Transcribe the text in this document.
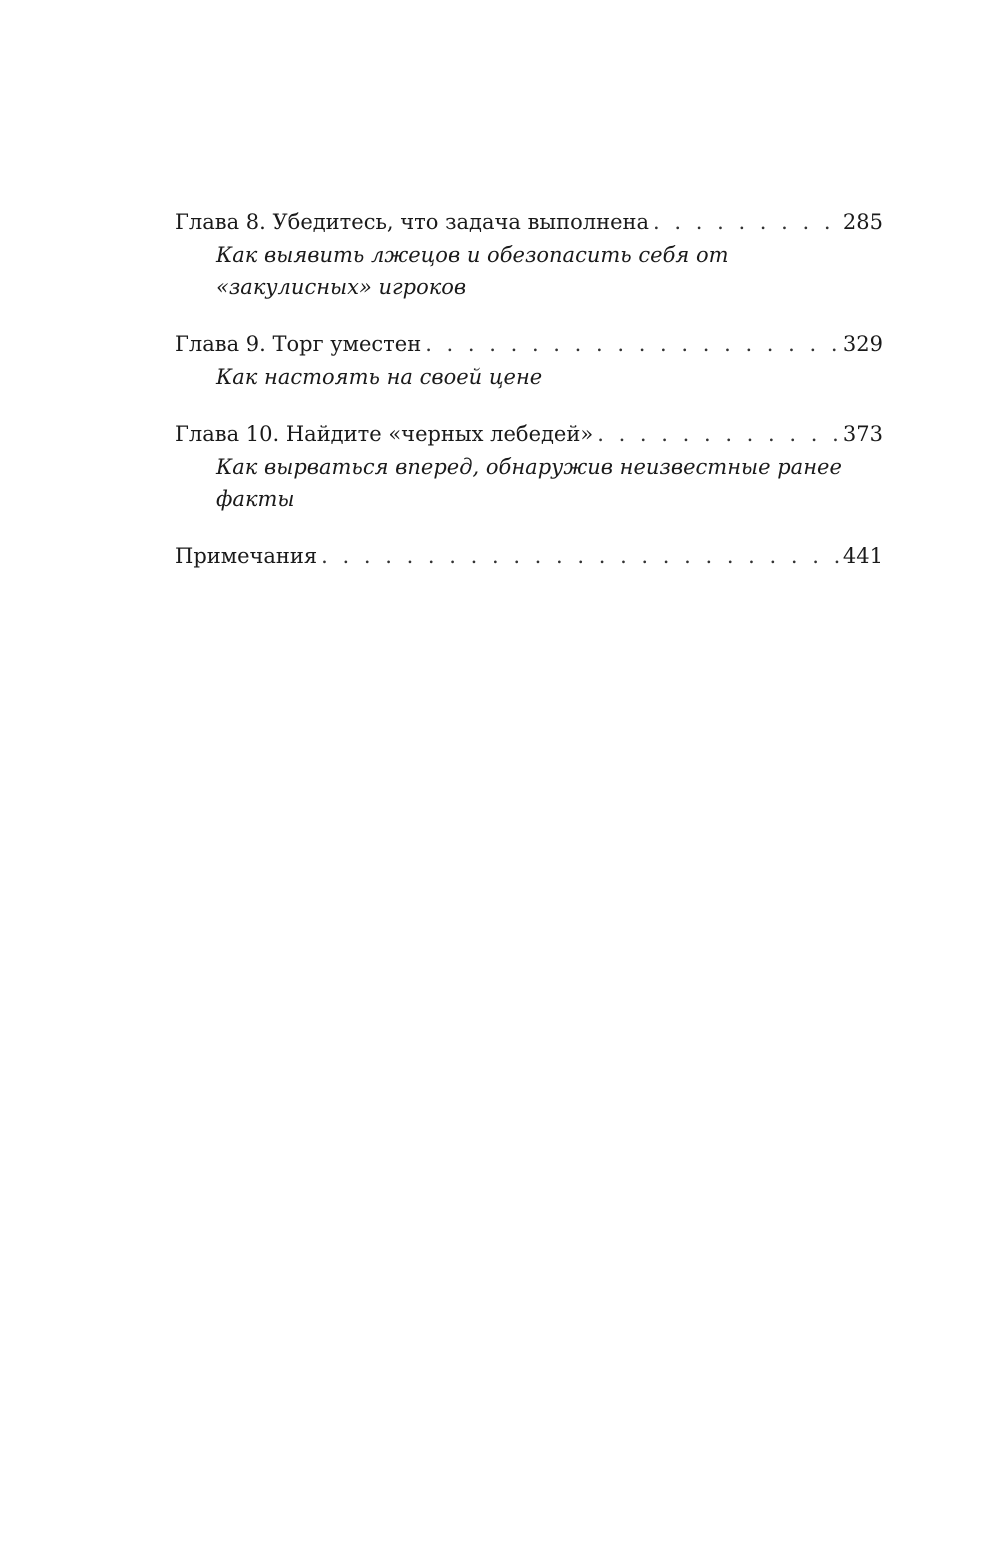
Глава 8. Убедитесь, что задача выполнена . . .	285
Как выявить лжецов и обезопасить себя от «закулисных» игроков
Глава 9. Торг уместен . . .	329
Как настоять на своей цене
Глава 10. Найдите «черных лебедей» . . .	373
Как вырваться вперед, обнаружив неизвестные ранее факты
Примечания . . .	441
